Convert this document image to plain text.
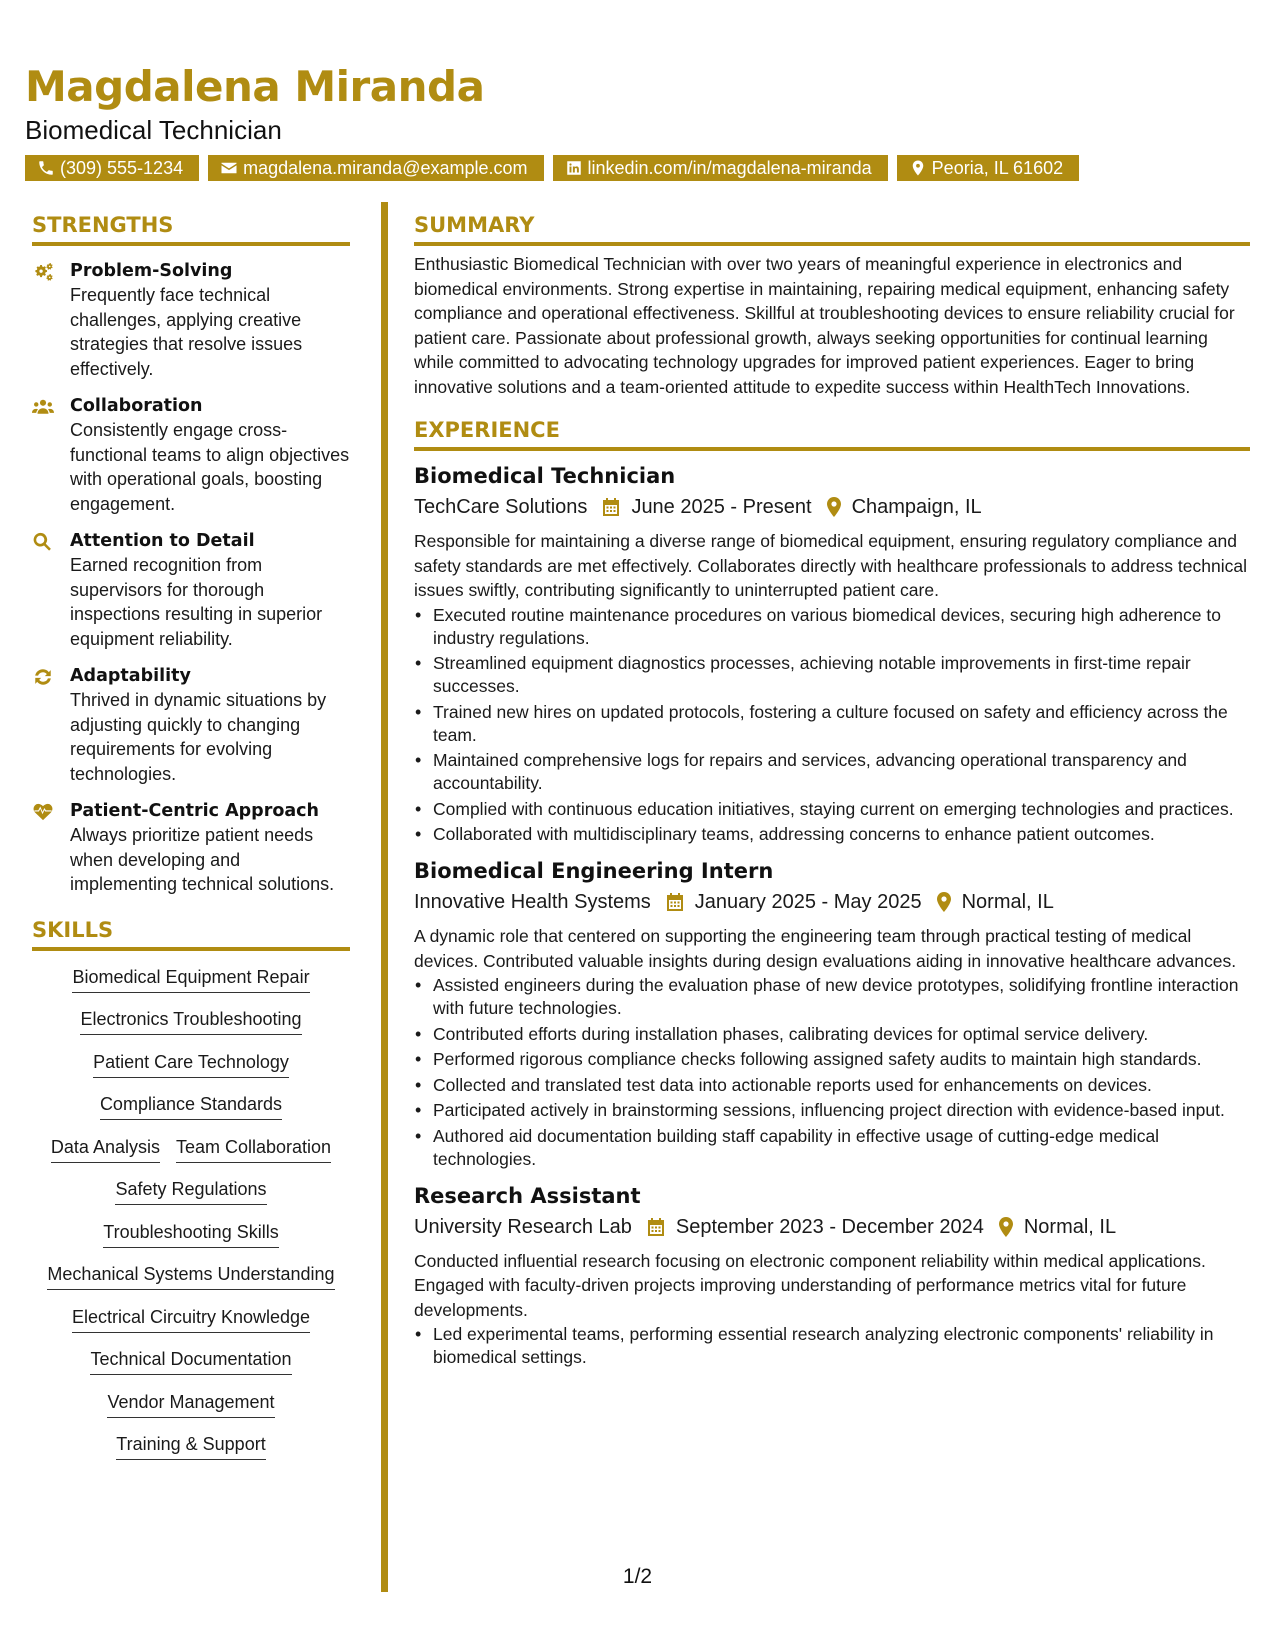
Magdalena Miranda
Biomedical Technician
(309) 555-1234	magdalena.miranda@example.com	linkedin.com/in/magdalena-miranda	Peoria, IL 61602
STRENGTHS
Problem-Solving
Frequently face technical challenges, applying creative strategies that resolve issues effectively.
Collaboration
Consistently engage cross-functional teams to align objectives with operational goals, boosting engagement.
Attention to Detail
Earned recognition from supervisors for thorough inspections resulting in superior equipment reliability.
Adaptability
Thrived in dynamic situations by adjusting quickly to changing requirements for evolving technologies.
Patient-Centric Approach
Always prioritize patient needs when developing and implementing technical solutions.
SKILLS
Biomedical Equipment Repair
Electronics Troubleshooting
Patient Care Technology
Compliance Standards
Data Analysis Team Collaboration
Safety Regulations
Troubleshooting Skills
Mechanical Systems Understanding
Electrical Circuitry Knowledge
Technical Documentation
Vendor Management
Training & Support
SUMMARY
Enthusiastic Biomedical Technician with over two years of meaningful experience in electronics and biomedical environments. Strong expertise in maintaining, repairing medical equipment, enhancing safety compliance and operational effectiveness. Skillful at troubleshooting devices to ensure reliability crucial for patient care. Passionate about professional growth, always seeking opportunities for continual learning while committed to advocating technology upgrades for improved patient experiences. Eager to bring innovative solutions and a team-oriented attitude to expedite success within HealthTech Innovations.
EXPERIENCE
Biomedical Technician
TechCare Solutions June 2025 - Present Champaign, IL
Responsible for maintaining a diverse range of biomedical equipment, ensuring regulatory compliance and safety standards are met effectively. Collaborates directly with healthcare professionals to address technical issues swiftly, contributing significantly to uninterrupted patient care.
• Executed routine maintenance procedures on various biomedical devices, securing high adherence to industry regulations.
• Streamlined equipment diagnostics processes, achieving notable improvements in first-time repair successes.
• Trained new hires on updated protocols, fostering a culture focused on safety and efficiency across the team.
• Maintained comprehensive logs for repairs and services, advancing operational transparency and accountability.
• Complied with continuous education initiatives, staying current on emerging technologies and practices.
• Collaborated with multidisciplinary teams, addressing concerns to enhance patient outcomes.
Biomedical Engineering Intern
Innovative Health Systems January 2025 - May 2025 Normal, IL
A dynamic role that centered on supporting the engineering team through practical testing of medical devices. Contributed valuable insights during design evaluations aiding in innovative healthcare advances.
• Assisted engineers during the evaluation phase of new device prototypes, solidifying frontline interaction with future technologies.
• Contributed efforts during installation phases, calibrating devices for optimal service delivery.
• Performed rigorous compliance checks following assigned safety audits to maintain high standards.
• Collected and translated test data into actionable reports used for enhancements on devices.
• Participated actively in brainstorming sessions, influencing project direction with evidence-based input.
• Authored aid documentation building staff capability in effective usage of cutting-edge medical technologies.
Research Assistant
University Research Lab September 2023 - December 2024 Normal, IL
Conducted influential research focusing on electronic component reliability within medical applications. Engaged with faculty-driven projects improving understanding of performance metrics vital for future developments.
• Led experimental teams, performing essential research analyzing electronic components' reliability in biomedical settings.
1/2
